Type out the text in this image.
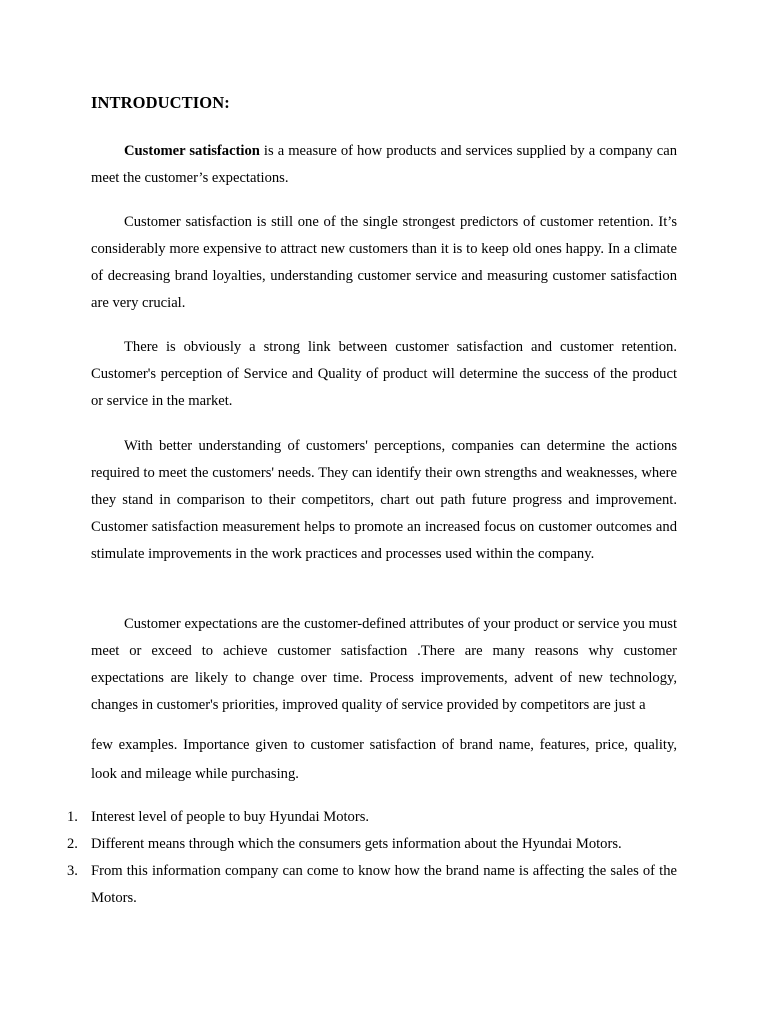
INTRODUCTION:

Customer satisfaction is a measure of how products and services supplied by a company can meet the customer’s expectations.

Customer satisfaction is still one of the single strongest predictors of customer retention. It’s considerably more expensive to attract new customers than it is to keep old ones happy. In a climate of decreasing brand loyalties, understanding customer service and measuring customer satisfaction are very crucial.

There is obviously a strong link between customer satisfaction and customer retention. Customer's perception of Service and Quality of product will determine the success of the product or service in the market.

With better understanding of customers' perceptions, companies can determine the actions required to meet the customers' needs. They can identify their own strengths and weaknesses, where they stand in comparison to their competitors, chart out path future progress and improvement. Customer satisfaction measurement helps to promote an increased focus on customer outcomes and stimulate improvements in the work practices and processes used within the company.

Customer expectations are the customer-defined attributes of your product or service you must meet or exceed to achieve customer satisfaction .There are many reasons why customer expectations are likely to change over time. Process improvements, advent of new technology, changes in customer's priorities, improved quality of service provided by competitors are just a

few examples. Importance given to customer satisfaction of brand name, features, price, quality, look and mileage while purchasing.

1. Interest level of people to buy Hyundai Motors.
2. Different means through which the consumers gets information about the Hyundai Motors.
3. From this information company can come to know how the brand name is affecting the sales of the Motors.
